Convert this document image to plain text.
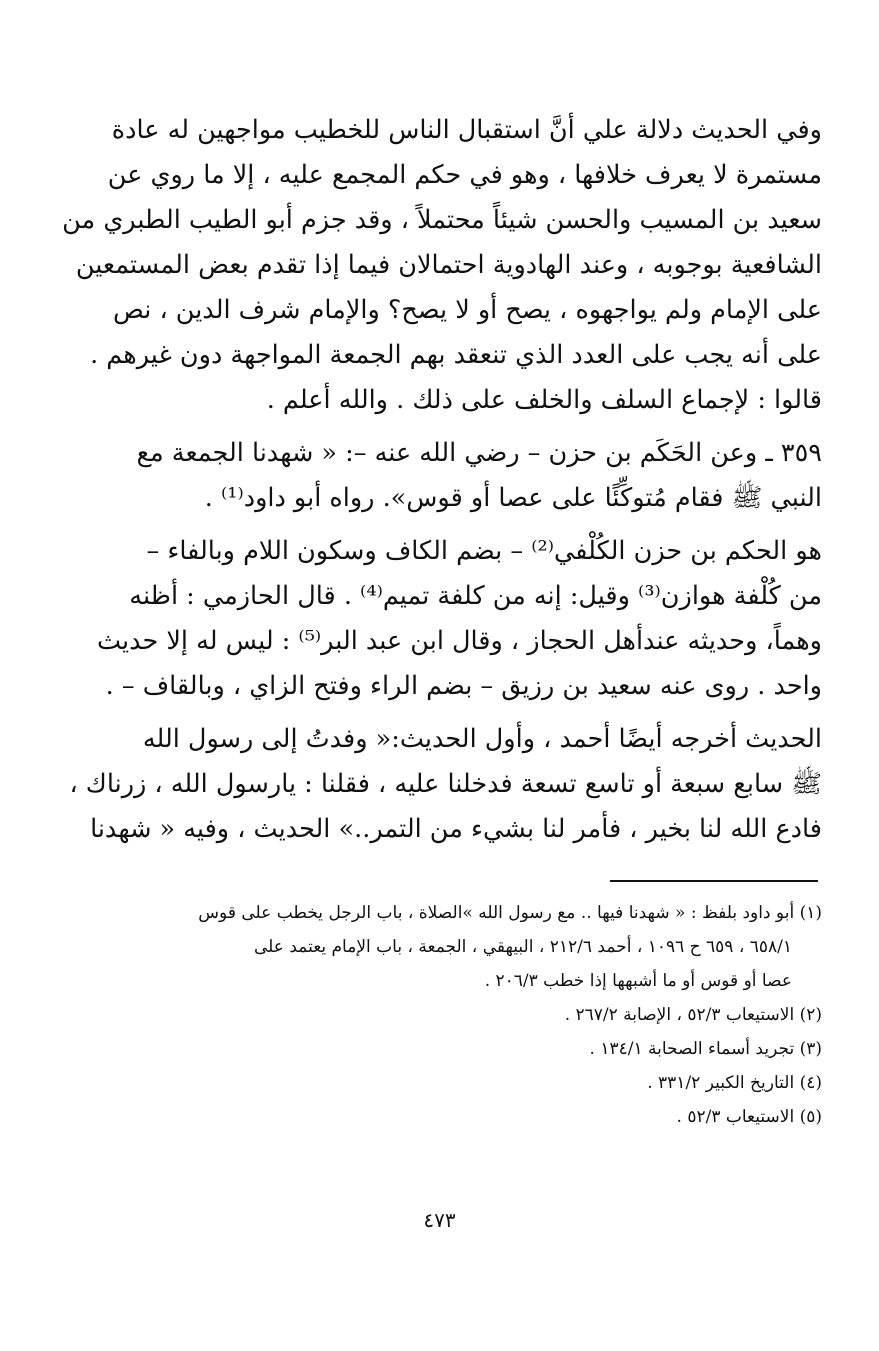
وفي الحديث دلالة علي أنَّ استقبال الناس للخطيب مواجهين له عادة
مستمرة لا يعرف خلافها ، وهو في حكم المجمع عليه ، إلا ما روي عن
سعيد بن المسيب والحسن شيئاً محتملاً ، وقد جزم أبو الطيب الطبري من
الشافعية بوجوبه ، وعند الهادوية احتمالان فيما إذا تقدم بعض المستمعين
على الإمام ولم يواجهوه ، يصح أو لا يصح؟ والإمام شرف الدين ، نص
على أنه يجب على العدد الذي تنعقد بهم الجمعة المواجهة دون غيرهم .
قالوا : لإجماع السلف والخلف على ذلك . والله أعلم .
٣٥٩ ـ وعن الحَكَم بن حزن – رضي الله عنه –: « شهدنا الجمعة مع
النبي ﷺ فقام مُتوكِّئًا على عصا أو قوس». رواه أبو داود⁽¹⁾ .
هو الحكم بن حزن الكُلْفي⁽²⁾ – بضم الكاف وسكون اللام وبالفاء –
من كُلْفة هوازن⁽³⁾ وقيل: إنه من كلفة تميم⁽⁴⁾ . قال الحازمي : أظنه
وهماً، وحديثه عندأهل الحجاز ، وقال ابن عبد البر⁽⁵⁾ : ليس له إلا حديث
واحد . روى عنه سعيد بن رزيق – بضم الراء وفتح الزاي ، وبالقاف – .
الحديث أخرجه أيضًا أحمد ، وأول الحديث:« وفدتُ إلى رسول الله
ﷺ سابع سبعة أو تاسع تسعة فدخلنا عليه ، فقلنا : يارسول الله ، زرناك ،
فادع الله لنا بخير ، فأمر لنا بشيء من التمر..» الحديث ، وفيه « شهدنا
(١) أبو داود بلفظ : « شهدنا فيها .. مع رسول الله »الصلاة ، باب الرجل يخطب على قوس
٦٥٨/١ ، ٦٥٩ ح ١٠٩٦ ، أحمد ٢١٢/٦ ، البيهقي ، الجمعة ، باب الإمام يعتمد على
عصا أو قوس أو ما أشبهها إذا خطب ٢٠٦/٣ .
(٢) الاستيعاب ٥٢/٣ ، الإصابة ٢٦٧/٢ .
(٣) تجريد أسماء الصحابة ١٣٤/١ .
(٤) التاريخ الكبير ٣٣١/٢ .
(٥) الاستيعاب ٥٢/٣ .
٤٧٣
